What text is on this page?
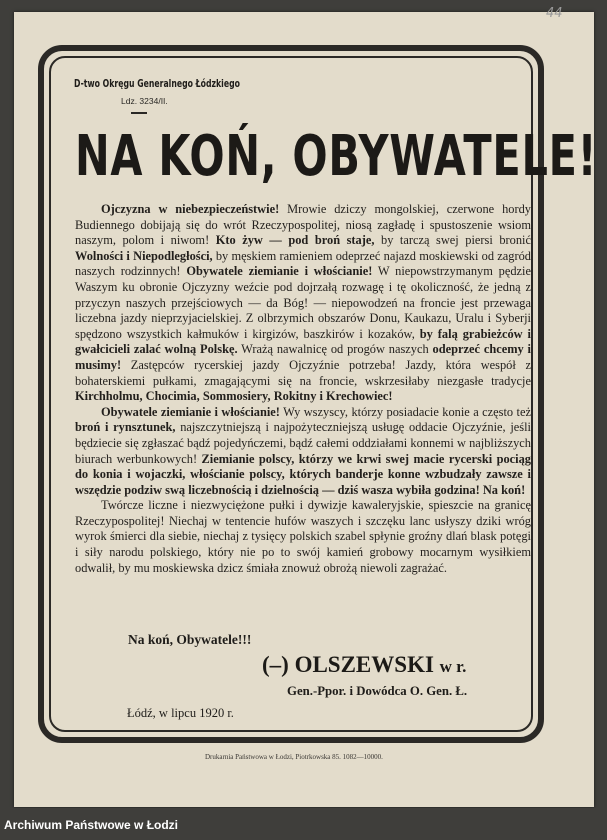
44
D-two Okręgu Generalnego Łódzkiego
Ldz. 3234/II.
NA KOŃ, OBYWATELE!

Ojczyzna w niebezpieczeństwie! Mrowie dziczy mongolskiej, czerwone hordy Budiennego dobijają się do wrót Rzeczypospolitej, niosą zagładę i spustoszenie wsiom naszym, polom i niwom! Kto żyw — pod broń staje, by tarczą swej piersi bronić Wolności i Niepodległości, by męskiem ramieniem odeprzeć najazd moskiewski od zagród naszych rodzinnych! Obywatele ziemianie i włościanie! W niepowstrzymanym pędzie Waszym ku obronie Ojczyzny weźcie pod dojrzałą rozwagę i tę okoliczność, że jedną z przyczyn naszych przejściowych — da Bóg! — niepowodzeń na froncie jest przewaga liczebna jazdy nieprzyjacielskiej. Z olbrzymich obszarów Donu, Kaukazu, Uralu i Syberji spędzono wszystkich kałmuków i kirgizów, baszkirów i kozaków, by falą grabieżców i gwałcicieli zalać wolną Polskę. Wrażą nawalnicę od progów naszych odeprzeć chcemy i musimy! Zastępców rycerskiej jazdy Ojczyźnie potrzeba! Jazdy, która wespół z bohaterskiemi pułkami, zmagającymi się na froncie, wskrzesiłaby niezgasłe tradycje Kirchholmu, Chocimia, Sommosiery, Rokitny i Krechowiec!

Obywatele ziemianie i włościanie! Wy wszyscy, którzy posiadacie konie a często też broń i rynsztunek, najszczytniejszą i najpożyteczniejszą usługę oddacie Ojczyźnie, jeśli będziecie się zgłaszać bądź pojedyńczemi, bądź całemi oddziałami konnemi w najbliższych biurach werbunkowych! Ziemianie polscy, którzy we krwi swej macie rycerski pociąg do konia i wojaczki, włościanie polscy, których banderje konne wzbudzały zawsze i wszędzie podziw swą liczebnością i dzielnością — dziś wasza wybiła godzina! Na koń!

Twórcze liczne i niezwyciężone pułki i dywizje kawaleryjskie, spieszcie na granicę Rzeczypospolitej! Niechaj w tentencie hufów waszych i szczęku lanc usłyszy dziki wróg wyrok śmierci dla siebie, niechaj z tysięcy polskich szabel spłynie groźny dlań blask potęgi i siły narodu polskiego, który nie po to swój kamień grobowy mocarnym wysiłkiem odwalił, by mu moskiewska dzicz śmiała znowuż obrożą niewoli zagrażać.

Na koń, Obywatele!!!
(–) OLSZEWSKI w r.
Gen.-Ppor. i Dowódca O. Gen. Ł.
Łódź, w lipcu 1920 r.
Drukarnia Państwowa w Łodzi, Piotrkowska 85. 1082—10000.
Archiwum Państwowe w Łodzi
